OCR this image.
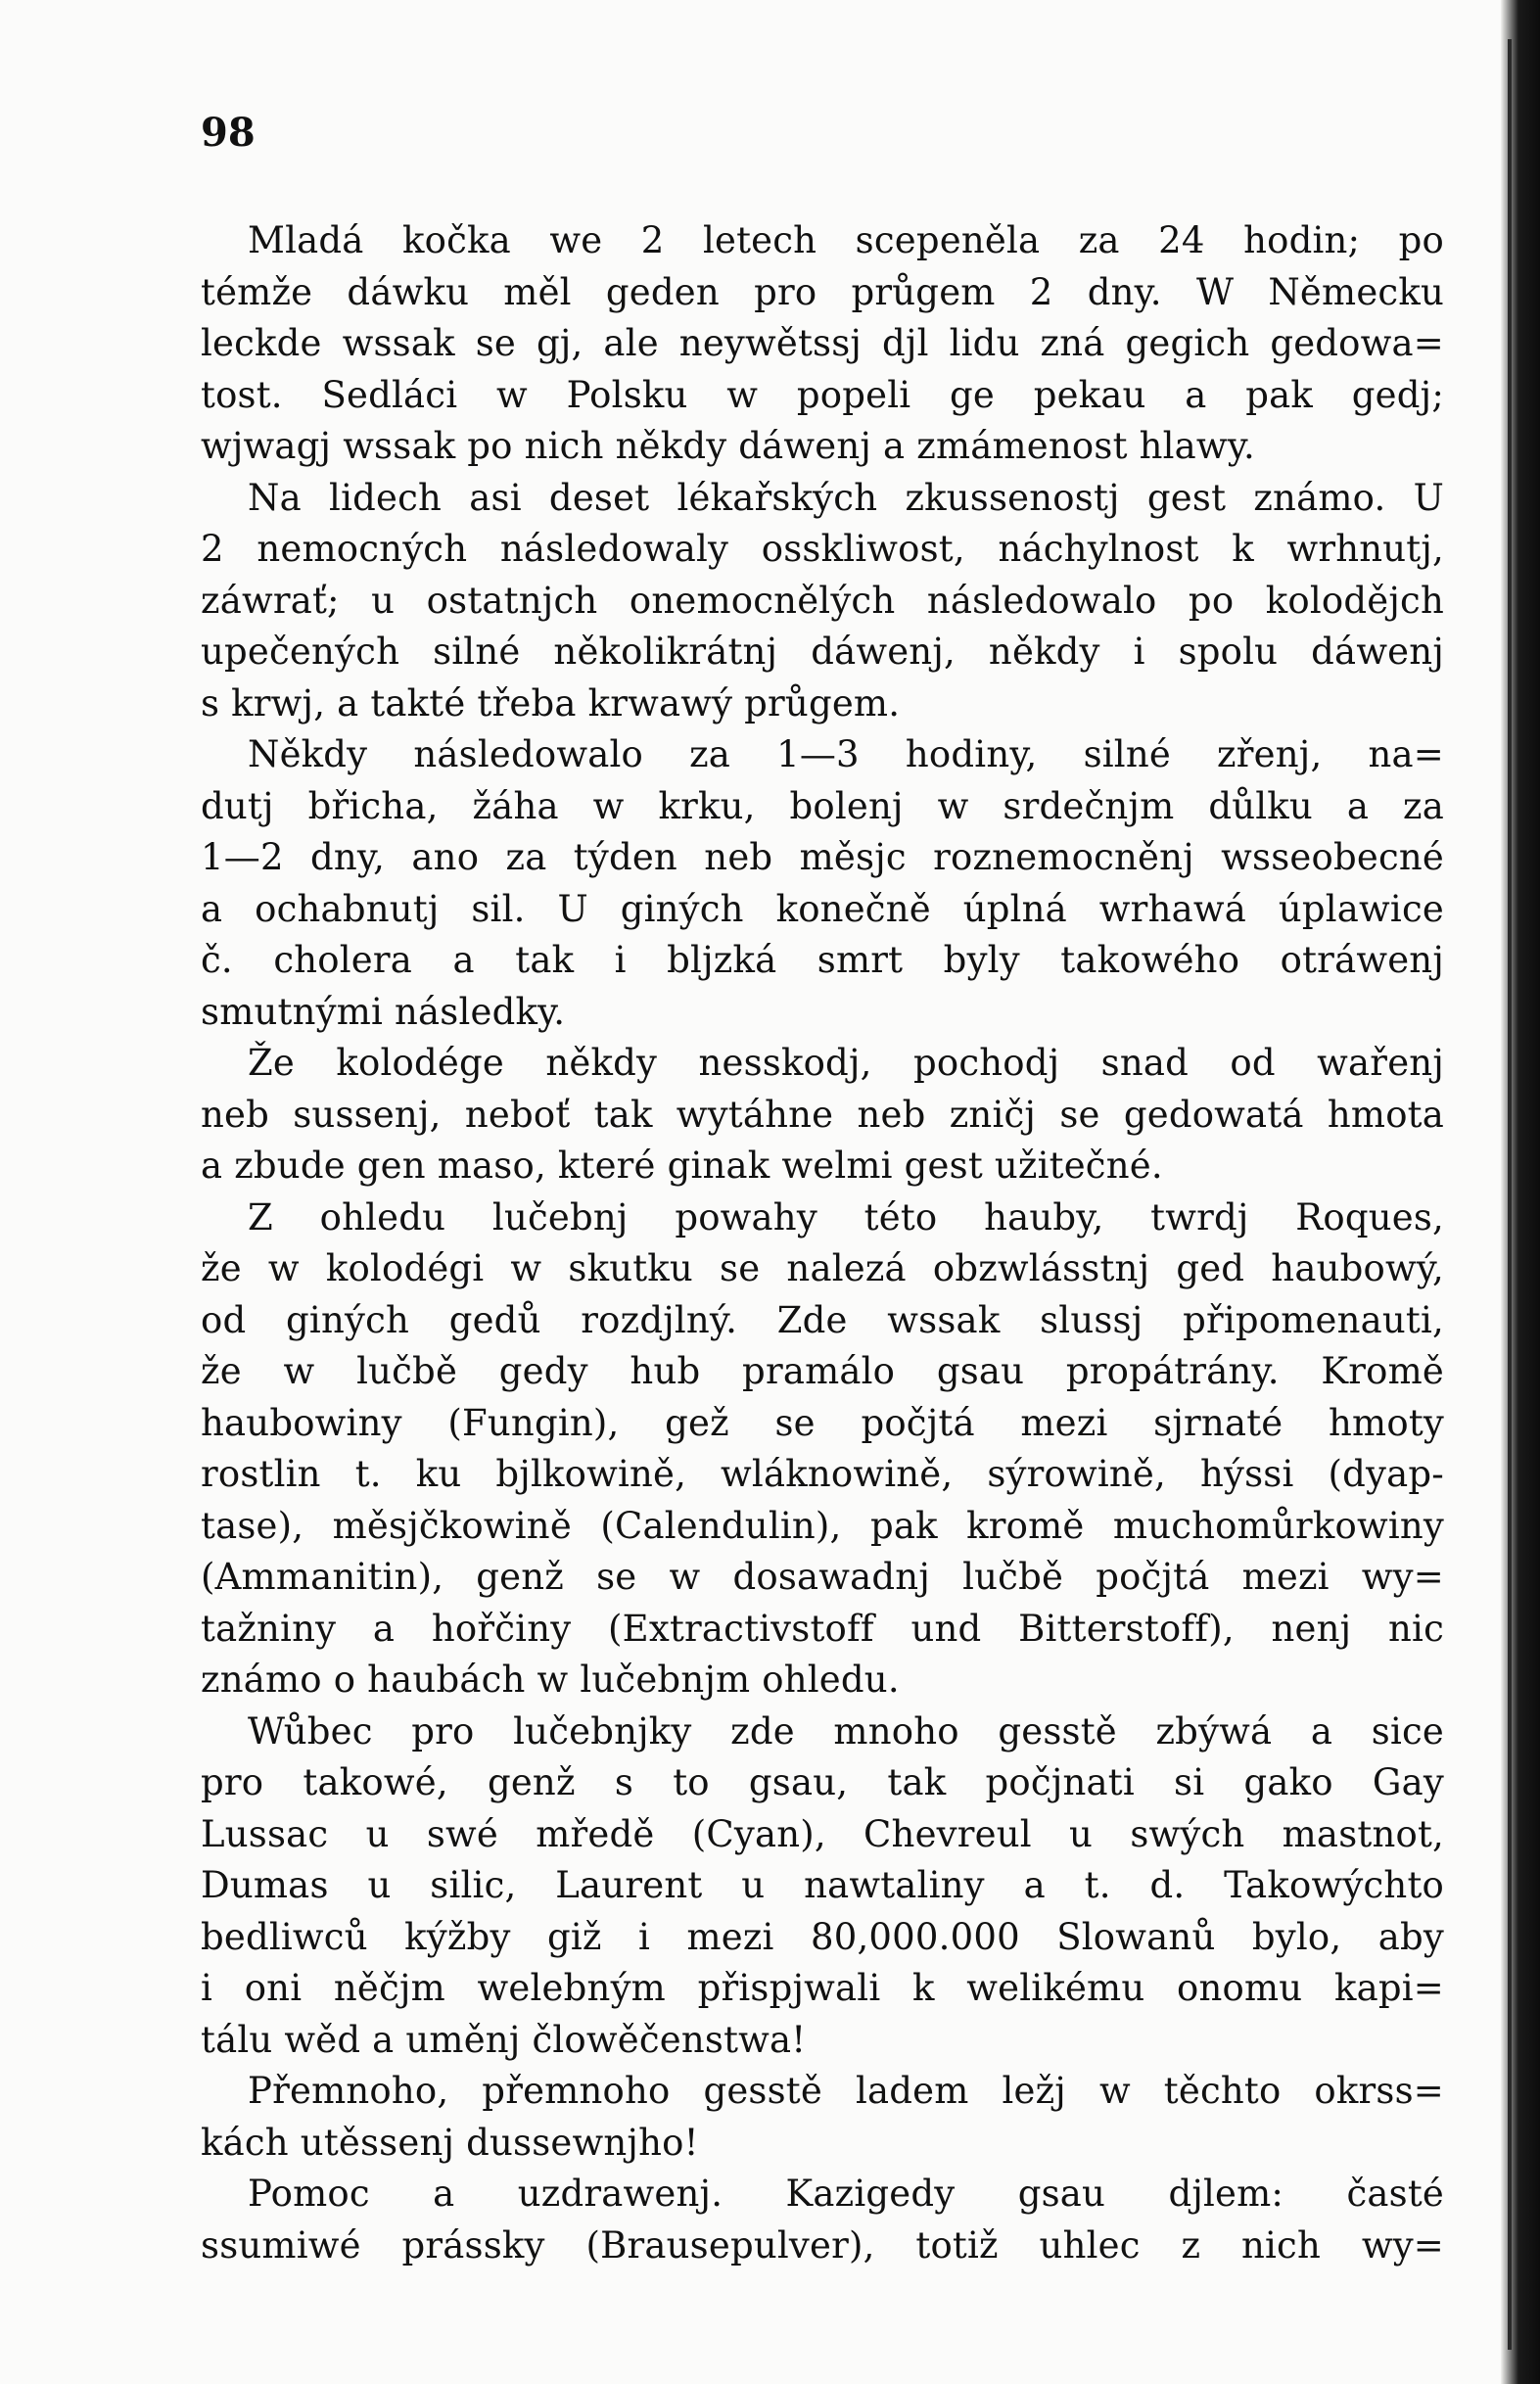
98
Mladá kočka we 2 letech scepeněla za 24 hodin; po
témže dáwku měl geden pro průgem 2 dny. W Německu
leckde wssak se gj, ale neywětssj djl lidu zná gegich gedowa=
tost. Sedláci w Polsku w popeli ge pekau a pak gedj;
wjwagj wssak po nich někdy dáwenj a zmámenost hlawy.
Na lidech asi deset lékařských zkussenostj gest známo. U
2 nemocných následowaly osskliwost, náchylnost k wrhnutj,
záwrať; u ostatnjch onemocnělých následowalo po kolodějch
upečených silné několikrátnj dáwenj, někdy i spolu dáwenj
s krwj, a takté třeba krwawý průgem.
Někdy následowalo za 1—3 hodiny, silné zřenj, na=
dutj břicha, žáha w krku, bolenj w srdečnjm důlku a za
1—2 dny, ano za týden neb měsjc roznemocněnj wsseobecné
a ochabnutj sil. U giných konečně úplná wrhawá úplawice
č. cholera a tak i blj​zká smrt byly takowého otráwenj
smutnými následky.
Že kolodége někdy nesskodj, pochodj snad od wařenj
neb sussenj, neboť tak wytáhne neb zničj se gedowatá hmota
a zbude gen maso, které ginak welmi gest užitečné.
Z ohledu lučebnj powahy této hauby, twrdj Roques,
že w kolodégi w skutku se nalezá obzwlásstnj ged haubowý,
od giných gedů rozdjlný. Zde wssak slussj připomenauti,
že w lučbě gedy hub pramálo gsau propátrány. Kromě
haubowiny (Fungin), gež se počjtá mezi sjrnaté hmoty
rostlin t. ku bjlkowině, wláknowině, sýrowině, hýssi (dyap-
tase), měsjčkowině (Calendulin), pak kromě muchomůrkowiny
(Ammanitin), genž se w dosawadnj lučbě počjtá mezi wy=
tažniny a hořčiny (Extractivstoff und Bitterstoff), nenj nic
známo o haubách w lučebnjm ohledu.
Wůbec pro lučebnjky zde mnoho gesstě zbýwá a sice
pro takowé, genž s to gsau, tak počjnati si gako Gay
Lussac u swé mředě (Cyan), Chevreul u swých mastnot,
Dumas u silic, Laurent u nawtaliny a t. d. Takowýchto
bedliwců kýžby giž i mezi 80,000.000 Slowanů bylo, aby
i oni něčjm welebným přispjwali k welikému onomu kapi=
tálu wěd a uměnj člowěčenstwa!
Přemnoho, přemnoho gesstě ladem ležj w těchto okrss=
kách utěssenj dussewnjho!
Pomoc a uzdrawenj. Kazigedy gsau djlem: časté
ssumiwé prássky (Brausepulver), totiž uhlec z nich wy=
